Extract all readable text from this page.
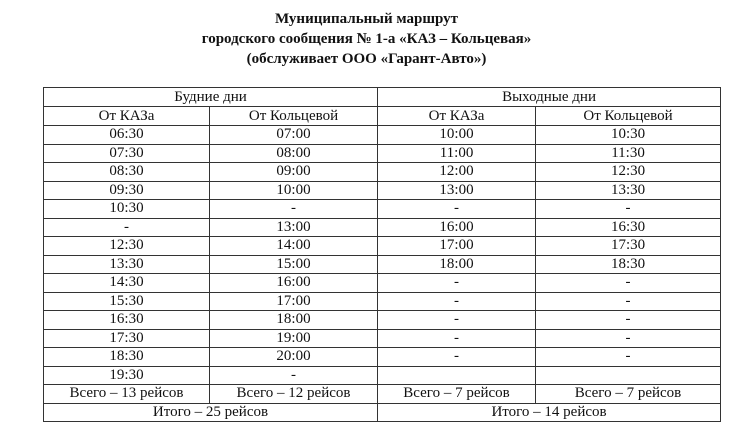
Муниципальный маршрут
городского сообщения № 1-а «КАЗ – Кольцевая»
(обслуживает ООО «Гарант-Авто»)
Будние дни		Выходные дни	
От КАЗа	От Кольцевой	От КАЗа	От Кольцевой
06:30	07:00	10:00	10:30
07:30	08:00	11:00	11:30
08:30	09:00	12:00	12:30
09:30	10:00	13:00	13:30
10:30	-	-	-
-	13:00	16:00	16:30
12:30	14:00	17:00	17:30
13:30	15:00	18:00	18:30
14:30	16:00	-	-
15:30	17:00	-	-
16:30	18:00	-	-
17:30	19:00	-	-
18:30	20:00	-	-
19:30	-		
Всего – 13 рейсов	Всего – 12 рейсов	Всего – 7 рейсов	Всего – 7 рейсов
Итого – 25 рейсов		Итого – 14 рейсов	
